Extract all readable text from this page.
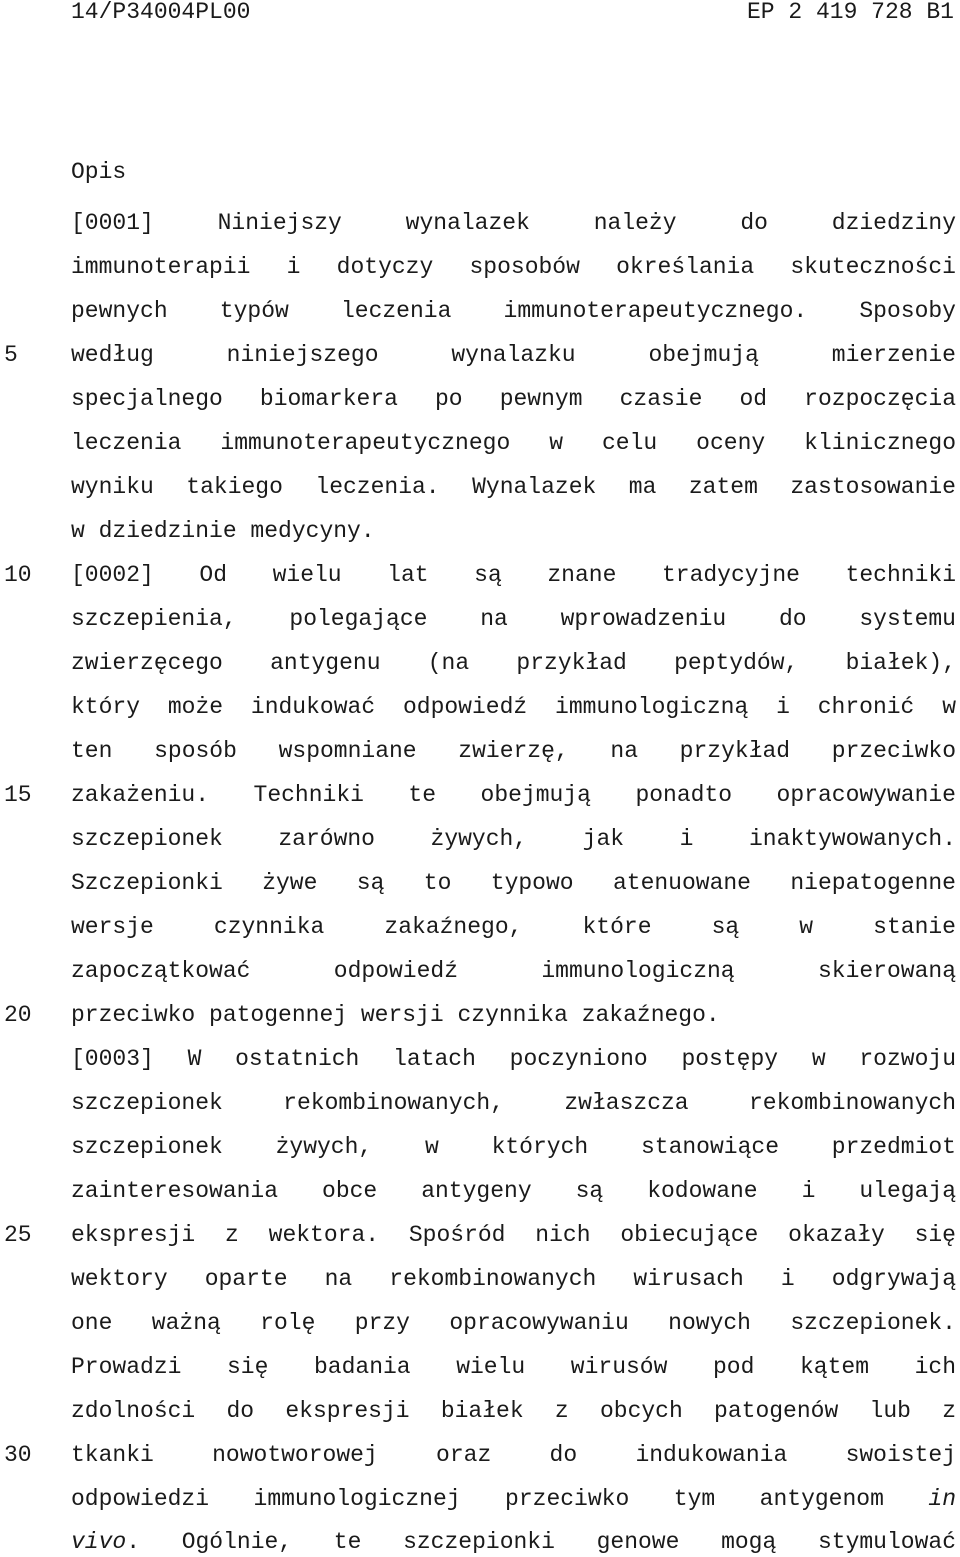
14/P34004PL00	EP 2 419 728 B1
Opis
[0001] Niniejszy wynalazek należy do dziedziny
immunoterapii i dotyczy sposobów określania skuteczności
pewnych typów leczenia immunoterapeutycznego. Sposoby
według niniejszego wynalazku obejmują mierzenie
specjalnego biomarkera po pewnym czasie od rozpoczęcia
leczenia immunoterapeutycznego w celu oceny klinicznego
wyniku takiego leczenia. Wynalazek ma zatem zastosowanie
w dziedzinie medycyny.
[0002] Od wielu lat są znane tradycyjne techniki
szczepienia, polegające na wprowadzeniu do systemu
zwierzęcego antygenu (na przykład peptydów, białek),
który może indukować odpowiedź immunologiczną i chronić w
ten sposób wspomniane zwierzę, na przykład przeciwko
zakażeniu. Techniki te obejmują ponadto opracowywanie
szczepionek zarówno żywych, jak i inaktywowanych.
Szczepionki żywe są to typowo atenuowane niepatogenne
wersje czynnika zakaźnego, które są w stanie
zapoczątkować odpowiedź immunologiczną skierowaną
przeciwko patogennej wersji czynnika zakaźnego.
[0003] W ostatnich latach poczyniono postępy w rozwoju
szczepionek rekombinowanych, zwłaszcza rekombinowanych
szczepionek żywych, w których stanowiące przedmiot
zainteresowania obce antygeny są kodowane i ulegają
ekspresji z wektora. Spośród nich obiecujące okazały się
wektory oparte na rekombinowanych wirusach i odgrywają
one ważną rolę przy opracowywaniu nowych szczepionek.
Prowadzi się badania wielu wirusów pod kątem ich
zdolności do ekspresji białek z obcych patogenów lub z
tkanki nowotworowej oraz do indukowania swoistej
odpowiedzi immunologicznej przeciwko tym antygenom in
vivo. Ogólnie, te szczepionki genowe mogą stymulować
5
10
15
20
25
30
